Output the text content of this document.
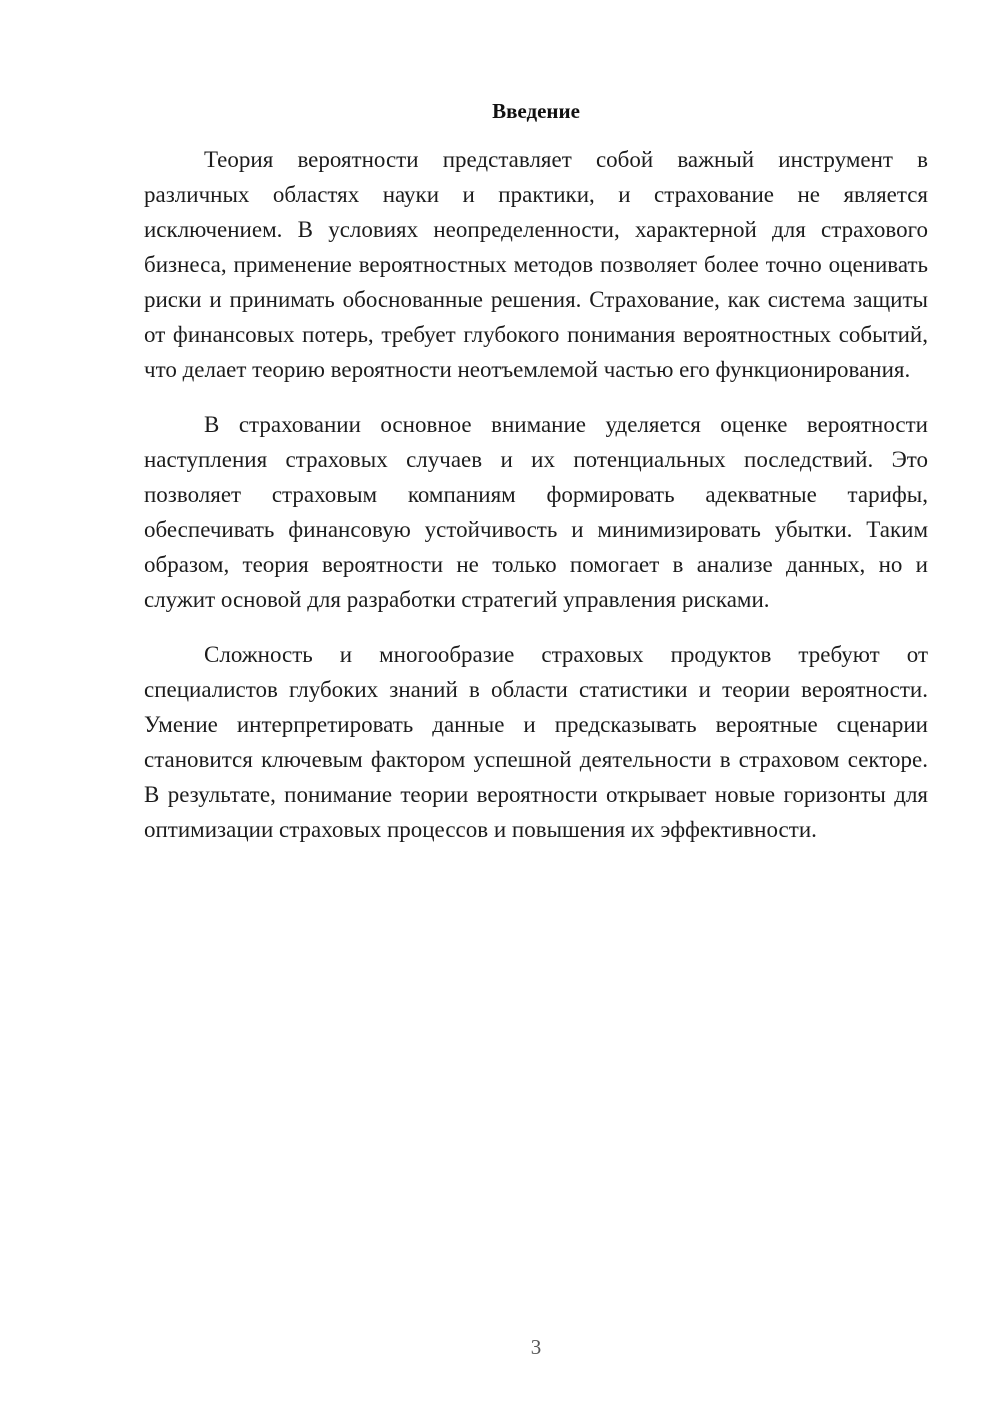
Введение

Теория вероятности представляет собой важный инструмент в различных областях науки и практики, и страхование не является исключением. В условиях неопределенности, характерной для страхового бизнеса, применение вероятностных методов позволяет более точно оценивать риски и принимать обоснованные решения. Страхование, как система защиты от финансовых потерь, требует глубокого понимания вероятностных событий, что делает теорию вероятности неотъемлемой частью его функционирования.

В страховании основное внимание уделяется оценке вероятности наступления страховых случаев и их потенциальных последствий. Это позволяет страховым компаниям формировать адекватные тарифы, обеспечивать финансовую устойчивость и минимизировать убытки. Таким образом, теория вероятности не только помогает в анализе данных, но и служит основой для разработки стратегий управления рисками.

Сложность и многообразие страховых продуктов требуют от специалистов глубоких знаний в области статистики и теории вероятности. Умение интерпретировать данные и предсказывать вероятные сценарии становится ключевым фактором успешной деятельности в страховом секторе. В результате, понимание теории вероятности открывает новые горизонты для оптимизации страховых процессов и повышения их эффективности.

3
